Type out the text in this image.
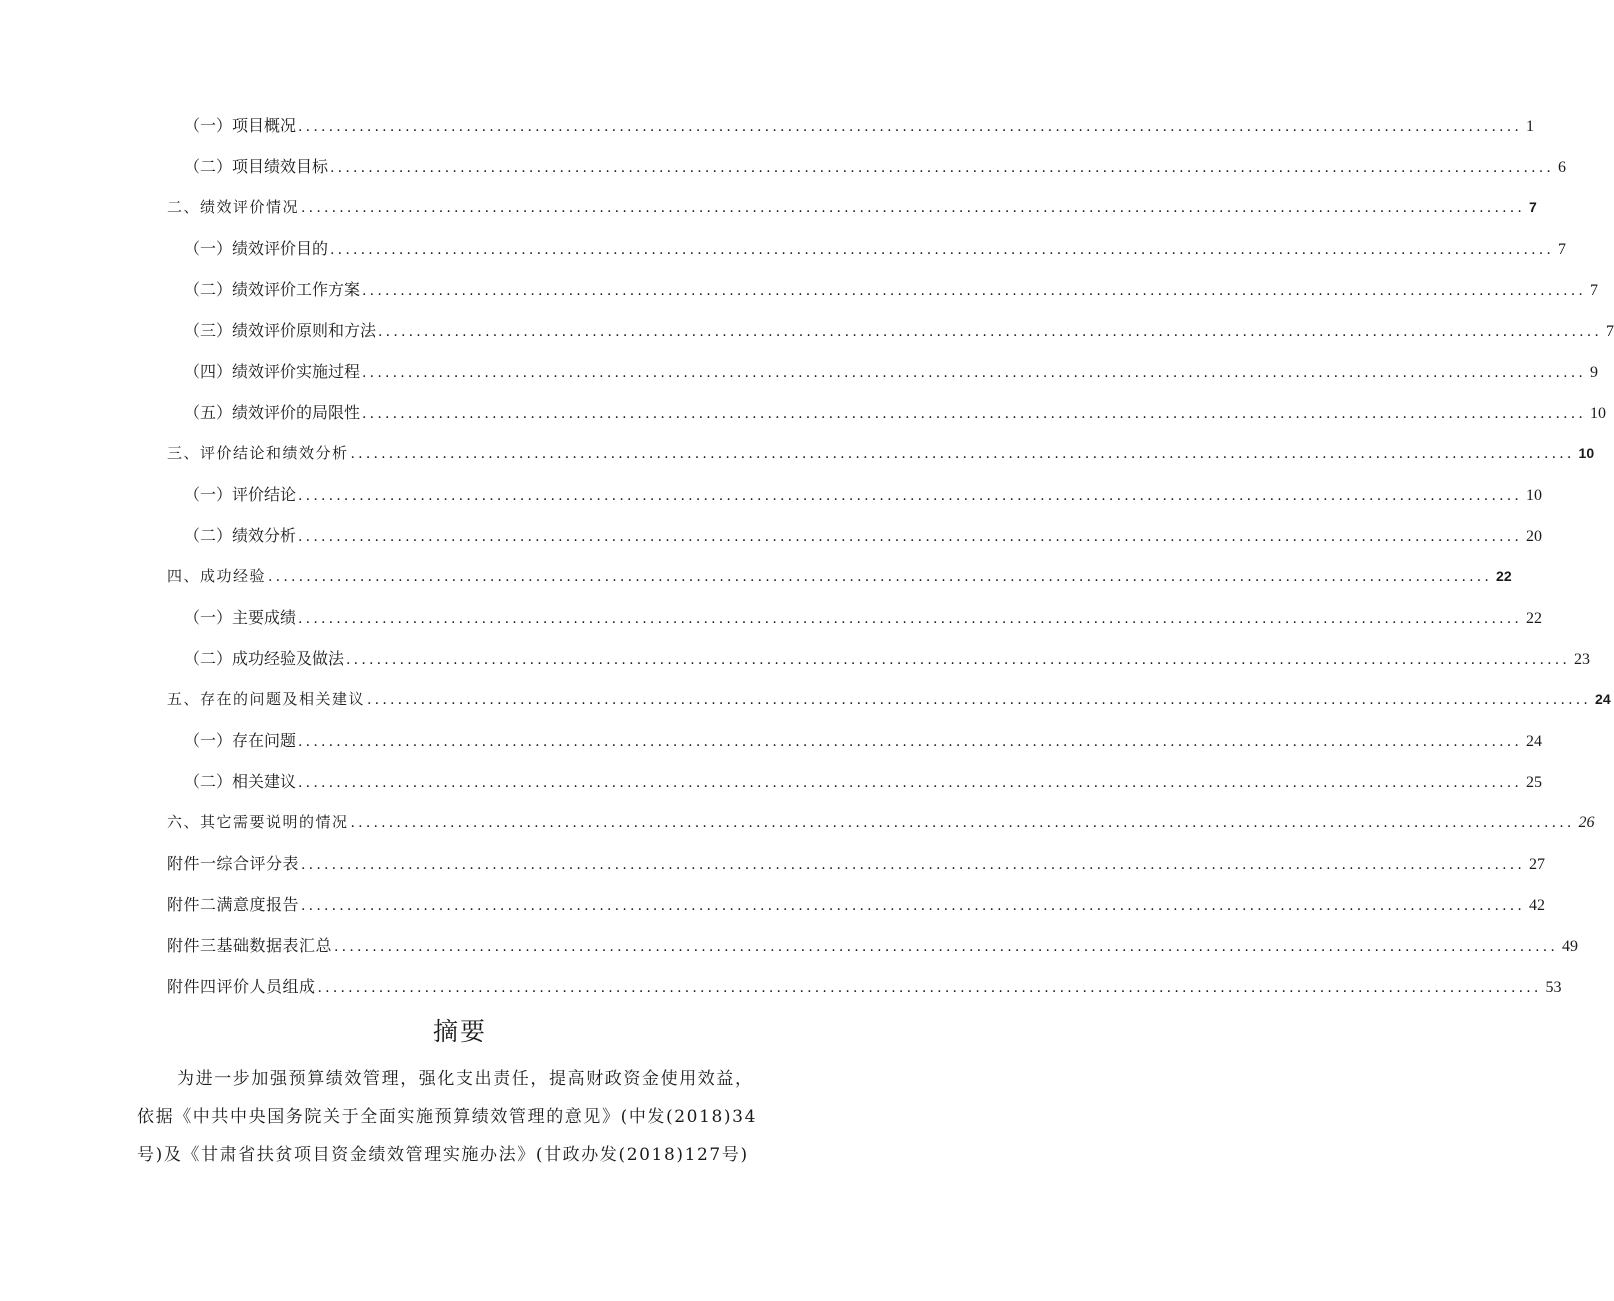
（一）项目概况 ................................................................................................................................................................ 1
（二）项目绩效目标 ................................................................................................................................................................ 6
二、绩效评价情况 ................................................................................................................................................................ 7
（一）绩效评价目的 ................................................................................................................................................................ 7
（二）绩效评价工作方案 ................................................................................................................................................................ 7
（三）绩效评价原则和方法 ................................................................................................................................................................ 7
（四）绩效评价实施过程 ................................................................................................................................................................ 9
（五）绩效评价的局限性 ................................................................................................................................................................ 10
三、评价结论和绩效分析 ................................................................................................................................................................ 10
（一）评价结论 ................................................................................................................................................................ 10
（二）绩效分析 ................................................................................................................................................................ 20
四、成功经验 ................................................................................................................................................................ 22
（一）主要成绩 ................................................................................................................................................................ 22
（二）成功经验及做法 ................................................................................................................................................................ 23
五、存在的问题及相关建议 ................................................................................................................................................................ 24
（一）存在问题 ................................................................................................................................................................ 24
（二）相关建议 ................................................................................................................................................................ 25
六、其它需要说明的情况 ................................................................................................................................................................ 26
附件一综合评分表 ................................................................................................................................................................ 27
附件二满意度报告 ................................................................................................................................................................ 42
附件三基础数据表汇总 ................................................................................................................................................................ 49
附件四评价人员组成 ................................................................................................................................................................ 53
摘要
为进一步加强预算绩效管理，强化支出责任，提高财政资金使用效益，
依据《中共中央国务院关于全面实施预算绩效管理的意见》(中发(2018)34
号)及《甘肃省扶贫项目资金绩效管理实施办法》(甘政办发(2018)127号)
